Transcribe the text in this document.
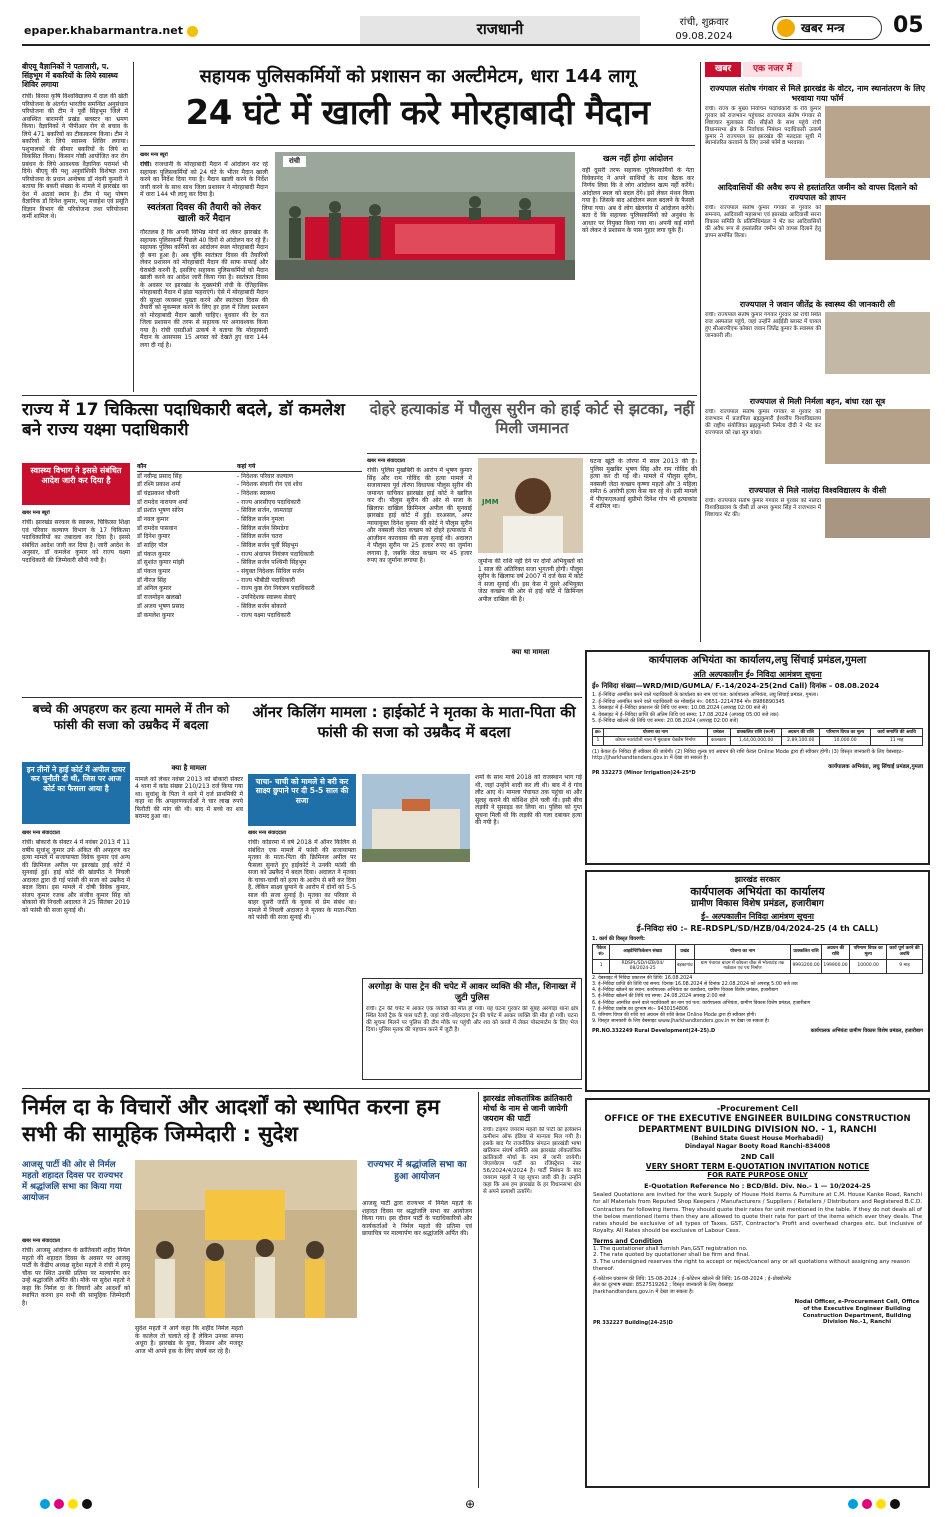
epaper.khabarmantra.net	राजधानी	रांची, शुक्रवार
09.08.2024
खबर मन्त्र	05
बीएयू वैज्ञानिकों ने पताजारी, प. सिंहभूम में बकरियों के लिये स्वास्थ्य शिविर लगाया
रांची। बिरसा कृषि विश्वविद्यालय में दाल की खेती परियोजना के अंतर्गत भारतीय समन्वित अनुसंधान परियोजना की टीम ने पूर्वी सिंहभूम जिले में अवस्थित बारामनी प्रखंड बलस्टर का भ्रमण किया। वैज्ञानिकों ने पीपीआर रोग से बचाव के लिये 471 बकरियों का टीकाकरण किया। टीम ने बकरियों के लिये स्वास्थ्य शिविर लगाया। पशुपालकों की बीमार बकरियों के लिये था विकसित किया। किसान गोष्ठी आयोजित कर रोग प्रबंधन के लिये आवश्यक वैज्ञानिक परामर्श भी दिये। बीएयू की पशु अनुवांशिकी विशेषज्ञ तथा परियोजना के प्रधान अन्वेषक डॉ नंदनी कुमारी ने बताया कि बकरी संख्या के मामले में झारखंड का देश में अठवां स्थान है। टीम में पशु पोषण वैज्ञानिक डॉ दिनेश कुमार, पशु मवाहेश एवं प्रसूति विज्ञान विभाग की परियोजना तथा परियोजना कर्मी शामिल थे।
सहायक पुलिसकर्मियों को प्रशासन का अल्टीमेटम, धारा 144 लागू
24 घंटे में खाली करे मोरहाबादी मैदान
खबर मन्त्र ब्यूरो
रांची। राजधानी के मोरहाबादी मैदान में आंदोलन कर रहे सहायक पुलिसकर्मियों को 24 घंटे के भीतर मैदान खाली करने का निर्देश दिया गया है। मैदान खाली करने के निर्देश जारी करने के साथ साथ जिला प्रशासन ने मोरहाबादी मैदान में धारा 144 भी लागू कर दिया है।
स्वतंत्रता दिवस की तैयारी को लेकर खाली करें मैदान
गौरतलब है कि अपनी विभिन्न मांगों को लेकर झारखंड के सहायक पुलिसकर्मी पिछले 40 दिनों से आंदोलन कर रहे हैं। सहायक पुलिस कर्मियों का आंदोलन स्थल मोरहाबादी मैदान ही बना हुआ है। अब चूंकि स्वतंत्रता दिवस की तैयारियों लेकर प्रशासन को मोरहाबादी मैदान की साफ सफाई और घेराबंदी करनी है, इसलिए सहायक पुलिसकर्मियों को मैदान खाली करने का आदेश जारी किया गया है। स्वतंत्रता दिवस के अवसर पर झारखंड के मुख्यमंत्री रांची के ऐतिहासिक मोरहाबादी मैदान में झंडा फहराएंगे। ऐसे में मोरहाबादी मैदान की सुरक्षा व्यवस्था पुख्ता करने और स्वतंत्रता दिवस की तैयारी को मुकम्मल करने के लिए हर हाल में जिला प्रशासन को मोरहाबादी मैदान खाली चाहिए। बुधवार की देर रात जिला प्रशासन की तरफ से सहायक पर अनावश्यक किया गया है। रांची एसडीओ उत्कर्ष ने बताया कि मोरहाबादी मैदान के आसपास 15 अगस्त को देखते हुए धारा 144 लगा दी गई है।
रांची	खत्म नहीं होगा आंदोलन
वहीं दूसरी तरफ सहायक पुलिसकर्मियों के नेता विवेकानंद ने अपने साथियों के साथ बैठक कर निर्णय लिया कि वे लोग आंदोलन खत्म नहीं करेंगे। आंदोलन स्थल को बदल देंगे। इसे लेकर मंथन किया गया है। जिसके बाद आंदोलन स्थल बदलने के फैसले लिया गया। अब वे लोग खेलगांव में आंदोलन करेंगे। बता दें कि सहायक पुलिसकर्मियों को अनुबंध के आधार पर नियुक्त किया गया था। अपनी कई मांगों को लेकर वे प्रशासन के पास गुहार लगा चुके हैं।
खबर एक नजर में
राज्यपाल संतोष गंगवार से मिले झारखंड के वोटर, नाम स्थानांतरण के लिए भरवाया गया फॉर्म
रांची। राज्य के मुख्य निर्वाचन पदाधिकारी के रवि कुमार गुरवार को राजभवन पहुंचकर राज्यपाल संतोष गंगवार से शिष्टाचार मुलाकात की। सीईओ के साथ पहुंचे रांची विधानसभा क्षेत्र के निर्वाचक निबंधन पदाधिकारी उत्कर्ष कुमार ने राज्यपाल का झारखंड की मतदाता सूची में स्थानांतरित करवाने के लिए उनसे फॉर्म 8 भरवाया।
आदिवासियों की अवैध रूप से हस्तांतरित जमीन को वापस दिलाने को राज्यपाल को ज्ञापन
रांची। राज्यपाल संतोष कुमार गंगवार से गुरवार को समन्वय, आदिवासी महासभा एवं झारखंड आदिवासी सरना विकास समिति के प्रतिनिधिमंडल ने भेंट कर आदिवासियों की अवैध रूप से हस्तांतरित जमीन को वापस दिलाने हेतु ज्ञापन समर्पित किया।
राज्यपाल ने जवान जीतेंद्र के स्वास्थ्य की जानकारी ली
रांची। राज्यपाल संतोष कुमार गंगवार गुरवार को रांची स्थित राज अस्पताल पहुंचे, जहां उन्होंने आईईडी ब्लास्ट में घायल हुए सीआरपीएफ कोबरा जवान जितेंद्र कुमार के स्वास्थ्य की जानकारी ली।
राज्यपाल से मिली निर्मला बहन, बांधा रक्षा सूत्र
रांची। राज्यपाल संतोष कुमार गंगवार से गुरवार को राजभवन में प्रजापिता ब्रह्मकुमारी ईश्वरीय विश्वविद्यालय की राष्ट्रीय संयोजिका ब्रह्मकुमारी निर्मला दीदी ने भेंट कर राज्यपाल को रक्षा सूत्र बांधा।
राज्यपाल से मिले नालंदा विश्वविद्यालय के वीसी
रांची। राज्यपाल संतोष कुमार गंगवार से गुरवार को नालंदा विश्वविद्यालय के वीसी डॉ अभय कुमार सिंह ने राजभवन में शिष्टाचार भेंट की।
राज्य में 17 चिकित्सा पदाधिकारी बदले, डॉ कमलेश बने राज्य यक्ष्मा पदाधिकारी
स्वास्थ्य विभाग ने इससे संबंधित आदेश जारी कर दिया है
खबर मन्त्र ब्यूरो
रांची। झारखंड सरकार के स्वास्थ्य, चिकित्सा शिक्षा एवं परिवार कल्याण विभाग के 17 चिकित्सा पदाधिकारियों का तबादला कर दिया है। इससे संबंधित आदेश जारी कर दिया है। जारी आदेश के अनुसार, डॉ कमलेश कुमार को राज्य यक्ष्मा पदाधिकारी की जिम्मेवारी सौंपी गयी है।
कौन	कहां गये
डॉ नवीन्द्र प्रसाद सिंह	- निदेशक परिवार कल्याण
डॉ रश्मि प्रकाश शर्मा	- निदेशक संचारी रोग एवं शोध
डॉ चंद्रप्रकाश चौधरी	- निदेशक स्वास्थ्य
डॉ रामदेव नारायण शर्मा	- राज्य आरसीएच पदाधिकारी
डॉ प्रशांत भूषण सोरेन	- सिविल सर्जन, जामताड़ा
डॉ नवल कुमार	- सिविल सर्जन गुमला
डॉ रामदेव पासवान	- सिविल सर्जन सिमडेगा
डॉ दिनेश कुमार	- सिविल सर्जन चतरा
डॉ साहिर पॉल	- सिविल सर्जन पूर्वी सिंहभूम
डॉ पंकज कुमार	- राज्य अंधापन नियंत्रण पदाधिकारी
डॉ सुशांत कुमार मांझी	- सिविल सर्जन पश्चिमी सिंहभूम
डॉ पंकज कुमार	- संयुक्त निदेशक सिविल सर्जन
डॉ नीरज सिंह	- राज्य भीबीडी पदाधिकारी
डॉ अनिल कुमार	- राज्य कुष्ठ रोग नियंत्रण पदाधिकारी
डॉ राजमोहन खलखो	- उपनिदेशक स्वास्थ्य सेवाएं
डॉ अजय भूषण प्रसाद	- सिविल सर्जन बोकारो
डॉ कमलेश कुमार	- राज्य यक्ष्मा पदाधिकारी
दोहरे हत्याकांड में पौलुस सुरीन को हाई कोर्ट से झटका, नहीं मिली जमानत
खबर मन्त्र संवाददाता
रांची। पुलिस मुखबिरी के आरोप में भूषण कुमार सिंह और राम गोविंद की हत्या मामले में सजायाफ्ता पूर्व तोरपा विधायक पौलुस सुरीन की जमानत याचिका झारखंड हाई कोर्ट ने खारिज कर दी। पौलुस सुरीन की ओर से सजा के खिलाफ दाखिल क्रिमिनल अपील की सुनवाई झारखंड हाई कोर्ट में हुई। दरअसल, अपर न्यायायुक्त दिनेश कुमार की कोर्ट ने पौलुस सुरीन और नक्सली जेठा कच्छप को दोहरे हत्याकांड में आजीवन कारावास की सजा सुनाई थी। अदालत ने पौलुस सुरीन पर 25 हजार रुपए का जुर्माना लगाया है, जबकि जेठा कच्छप पर 45 हजार रुपए का जुर्माना लगाया है।
JMM
जुर्माना की राशि नहीं देने पर दोनों अभियुक्तों को 1 साल की अतिरिक्त सजा भुगतनी होगी। पौलुस सुरीन के खिलाफ वर्ष 2007 में दर्ज केस में कोर्ट ने सजा सुनाई थी। इस केस में दूसरे अभियुक्त जेठा कच्छप की ओर से हाई कोर्ट में क्रिमिनल अपील दाखिल की है।
क्या था मामला
घटना खूंटी के तोरपा में साल 2013 की है। पुलिस मुखबिर भूषण सिंह और राम गोविंद की हत्या कर दी गई थी। मामले में पौलुस सुरीन, नक्सली जेठा कच्छप कृष्णा महतो और 3 महिला समेत 6 आरोपी हत्या केस कर रहे थे। इसी मामले में पीएफएलआई सुप्रीमो दिनेश गोप भी हत्याकांड में शामिल था।
कार्यपालक अभियंता का कार्यालय,लघु सिंचाई प्रमंडल,गुमला
अति अल्पकालीन ई० निविदा आमंत्रण सूचना
ई० निविदा संख्या—WRD/MID/GUMLA/ F.-14/2024-25(2nd Call) दिनांक – 08.08.2024
1. ई–निविदा आमंत्रित करने वाले पदाधिकारी के कार्यालय का नाम एवं पता: कार्यपालक अभियंता, लघु सिंचाई प्रमंडल, गुमला।
2. ई–निविदा आमंत्रित करने वाले पदाधिकारी का मोबाईल नं०: 0651–2214784 मो० 8986890345
3. वेबसाइट में ई–निविदा प्रकाशन की तिथि एवं समय: 10.08.2024 (अपराह्न 02:00 बजे से)
4. वेबसाइट में ई–निविदा प्राप्ति की अंतिम तिथि एवं समय: 17.08.2024 (अपराह्न 05:00 बजे तक)
5. ई–निविदा खोलने की तिथि एवं समय: 20.08.2024 (अपराह्न 02:00 बजे)
क्र०	योजना का नाम	प्रमंडल	प्राक्कलित राशि (रु०में)	अग्रधन की राशि	परिमाण विपत्र का मूल्य	कार्य समाप्ति की अवधि
1	कोयल नवरांटोली नाला में मुंडावास चेकडैम निर्माण	कालकारा	1,44,00,000.00	2,89,100.00	10,000.00	11 माह
(1) केवल ई० निविदा ही स्वीकार की जायेगी। (2) निविदा शुल्क एवं अग्रधन की राशि केवल Online Mode द्वारा ही स्वीकार होगी। (3) विस्तृत जानकारी के लिए वेबसाइट– http://jharkhandtenders.gov.in में देखा जा सकता है।
कार्यपालक अभियंता, लघु सिंचाई प्रमंडल,गुमला
PR 332273 (Minor Irrigation)24-25*D
बच्चे की अपहरण कर हत्या मामले में तीन को फांसी की सजा को उम्रकैद में बदला
इन तीनों ने हाई कोर्ट में अपील दायर कर चुनौती दी थी, जिस पर आज कोर्ट का फैसला आया है
खबर मन्त्र संवाददाता
रांची। बोकारो के सेक्टर 4 में नवंबर 2013 में 11 वर्षीय सुधांशु कुमार उर्फ अंकित की अपहरण कर हत्या मामले में सजायाफ्ता विवेक कुमार एवं अन्य की क्रिमिनल अपील पर झारखंड हाई कोर्ट में सुनवाई हुई। हाई कोर्ट की खंडपीठ ने निचली अदालत द्वारा दी गई फांसी की सजा को उम्रकैद में बदल दिया। इस मामले में दोषी विवेक कुमार, संजय कुमार रजक और संजीव कुमार सिंह को बोकारो की निचली अदालत ने 25 सितंबर 2019 को फांसी की सजा सुनाई थी।
क्या है मामला
मामले को लेकर नवंबर 2013 को बोकारो सेक्टर 4 थाना में कांड संख्या 210/213 दर्ज किया गया था। सुधांशु के पिता ने थाने में दर्ज प्राथमिकी में कहा था कि अपहरणकर्ताओं ने चार लाख रुपये फिरौती की मांग की थी। बाद में बच्चे का शव बरामद हुआ था।
ऑनर किलिंग मामला : हाईकोर्ट ने मृतका के माता-पिता की फांसी की सजा को उम्रकैद में बदला
चाचा- चाची को मामले से बरी कर साक्ष्य छुपाने पर दी 5-5 साल की सजा
खबर मन्त्र संवाददाता
रांची। कोडरमा में वर्ष 2018 में ऑनर किलिंग से संबंधित एक मामले में फांसी की सजायाफ्ता मृतका के माता-पिता की क्रिमिनल अपील पर फैसला सुनाते हुए हाईकोर्ट ने उनकी फांसी की सजा को उम्रकैद में बदल दिया। अदालत ने मृतका के चाचा-चाची को हत्या के आरोप से बरी कर दिया है, लेकिन साक्ष्य छुपाने के आरोप में दोनों को 5-5 साल की सजा सुनाई है। मृतका का परिवार से बाहर दूसरी जाति के युवक से प्रेम संबंध था। मामले में निचली अदालत ने मृतका के माता-पिता को फांसी की सजा सुनाई थी।
शर्मा के साथ मार्च 2018 को राजस्थान भाग गई थी, जहां उन्होंने शादी कर ली थी। बाद में वे गांव लौट आए थे। मामला पंचायत तक पहुंचा था और सुलह कराने की कोशिश होने चली थी। इसी बीच लड़की ने सुसाइड कर लिया था। पुलिस को गुप्त सूचना मिली थी कि लड़की की गला दबाकर हत्या की गयी है।
अरगोड़ा के पास ट्रेन की चपेट में आकर व्यक्ति की मौत, शिनाख्त में जुटी पुलिस
रांची। ट्रेन की चपेट में आकर एक व्यक्ति की मौत हो गयी। यह घटना गुरवार की सुबह अरगोड़ा थाना क्षेत्र स्थित रेलवे ट्रैक के पास घटी है, जहां रांची–लोहरदगा ट्रेन की चपेट में आकर व्यक्ति की मौत हो गयी। घटना की सूचना मिलने पर पुलिस की टीम मौके पर पहुंची और शव को कब्जे में लेकर पोस्टमार्टम के लिए भेज दिया। पुलिस मृतक की पहचान करने में जुटी है।
झारखंड सरकार
कार्यपालक अभियंता का कार्यालय
ग्रामीण विकास विशेष प्रमंडल, हजारीबाग
ई– अल्पकालीन निविदा आमंत्रण सूचना
ई–निविदा सं0 :– RE-RDSPL/SD/HZB/04/2024-25 (4 th CALL)
1. कार्य की विस्तृत विवरणी:
पैकेज सं०	आइडेन्टिफिकेशन संख्या	प्रखंड	योजना का नाम	प्राक्कलित राशि	अग्रधन की राशि	परिमाण विपत्र का मूल्य	कार्य पूर्ण करने की अवधि
1	RDSPL/SD/HZB/04/ 08/2024-25	बड़कागांव	ग्राम पंचायत बादम में कोयला चौक से भोलाटांड़ तक गार्डवाल एवं पथ निर्माण	9993200.00	199900.00	10000.00	9 माह
2. वेबसाइट में निविदा प्रकाशन की तिथि: 16.08.2024
3. ई–निविदा प्राप्ति की तिथि एवं समय: दिनांक 16.08.2024 से दिनांक 22.08.2024 को अपराह्न 5:00 बजे तक
4. ई–निविदा खोलने का स्थान: कार्यपालक अभियंता का कार्यालय, ग्रामीण विकास विशेष प्रमंडल, हजारीबाग
5. ई–निविदा खोलने की तिथि एवं समय: 24.08.2024 अपराह्न 2:00 बजे
6. ई–निविदा आमंत्रित करने वाले पदाधिकारी का नाम एवं पता: कार्यपालक अभियंता, ग्रामीण विकास विशेष प्रमंडल, हजारीबाग
7. ई–निविदा प्रकोष्ठ का दूरभाष सं०– 9430154806
8. परिमाण विपत्र की राशि एवं अग्रधन की राशि केवल Online Mode द्वारा ही स्वीकार होगी।
9. विस्तृत जानकारी के लिए वेबसाइट www.jharkhandtenders.gov.in पर देखा जा सकता है।
PR.NO.332249 Rural Development(24-25).D	कार्यपालक अभियंता ग्रामीण विकास विशेष प्रमंडल, हजारीबाग
निर्मल दा के विचारों और आदर्शों को स्थापित करना हम सभी की सामूहिक जिम्मेदारी : सुदेश
आजसू पार्टी की ओर से निर्मल महतो शहादत दिवस पर राज्यभर में श्रद्धांजलि सभा का किया गया आयोजन
खबर मन्त्र संवाददाता
रांची। आजसू आंदोलन के क्रांतिकारी शहीद निर्मल महतो की शहादत दिवस के अवसर पर आजसू पार्टी के केंद्रीय अध्यक्ष सुदेश महतो ने रांची में हरमू चौक पर स्थित उनकी प्रतिमा पर माल्यार्पण कर उन्हें श्रद्धांजलि अर्पित की। मौके पर सुदेश महतो ने कहा कि निर्मल दा के विचारों और आदर्शों को स्थापित करना हम सभी की सामूहिक जिम्मेदारी है।
सुदेश महतो ने आगे कहा कि शहीद निर्मल महतो के कालेज तो चलाते रहे हैं लेकिन उनका सपना अधूरा है। झारखंड के युवा, किसान और मजदूर आज भी अपने हक के लिए संघर्ष कर रहे हैं।
राज्यभर में श्रद्धांजलि सभा का हुआ आयोजन
आजसू पार्टी द्वारा राज्यभर में निर्मल महतो के शहादत दिवस पर श्रद्धांजलि सभा का आयोजन किया गया। इस दौरान पार्टी के पदाधिकारियों और कार्यकर्ताओं ने निर्मल महतो की प्रतिमा एवं छायाचित्र पर माल्यार्पण कर श्रद्धांजलि अर्पित की।
झारखंड लोकतांत्रिक क्रांतिकारी मोर्चा के नाम से जानी जायेगी जयराम की पार्टी
रांची। टाइगर जयराम महतो की पार्टी को इलेक्शन कमीशन ऑफ इंडिया से मान्यता मिल गयी है। इसके बाद गैर राजनीतिक संगठन झारखंडी भाषा खतियान संघर्ष समिति अब झारखंड लोकतांत्रिक क्रांतिकारी मोर्चा के नाम से जानी जायेगी। जेएलकेएम पार्टी का रजिस्ट्रेशन नंबर 56/2024/4/2024 है। पार्टी निबंधन के बाद जयराम महतो ने यह सूचना जारी की है। उन्होंने कहा कि अब हम झारखंड के हर विधानसभा क्षेत्र से अपने प्रत्याशी उतारेंगे।
-Procurement Cell
OFFICE OF THE EXECUTIVE ENGINEER BUILDING CONSTRUCTION DEPARTMENT BUILDING DIVISION NO. - 1, RANCHI
(Behind State Guest House Morhabadi)
Dindayal Nagar Booty Road Ranchi-834008
2ND Call
VERY SHORT TERM E-QUOTATION INVITATION NOTICE
FOR RATE PURPOSE ONLY
E-Quotation Reference No : BCD/Bld. Div. No.- 1 — 10/2024-25
Sealed Quotations are invited for the work Supply of House Hold items & Furniture at C.M. House Kanke Road, Ranchi for all Materials from Reputed Shop Keepers / Manufacturers / Suppliers / Retailers / Distributors and Registered B.C.D. Contractors for following items. They should quote their rates for unit mentioned in the table. If they do not deals all of the below mentioned items then they are allowed to quote their rate for part of the items which ever they deals. The rates should be exclusive of all types of Taxes, GST, Contractor's Profit and overhead charges etc. but inclusive of Royalty. All Rates should be exclusive of Labour Cess.
Terms and Condition
1. The quotationer shall furnish Pan,GST registration no.
2. The rate quoted by quotationer shall be firm and final.
3. The undersigned reserves the right to accept or reject/cancel any or all quotations without assigning any reason thereof.
ई–कोटेशन प्रकाशन की तिथि: 15-08-2024 ; ई–कोटेशन खोलने की तिथि: 16-08-2024 ; ई–प्रोक्योरमेंट सेल का दूरभाष संख्या: 8527519262 ; विस्तृत जानकारी के लिए वेबसाइट jharkhandtenders.gov.in में देखा जा सकता है।
PR 332227 Building(24-25)D
Nodal Officer, e-Procurement Cell, Office of the Executive Engineer Building Construction Department, Building Division No.-1, Ranchi
⊕
